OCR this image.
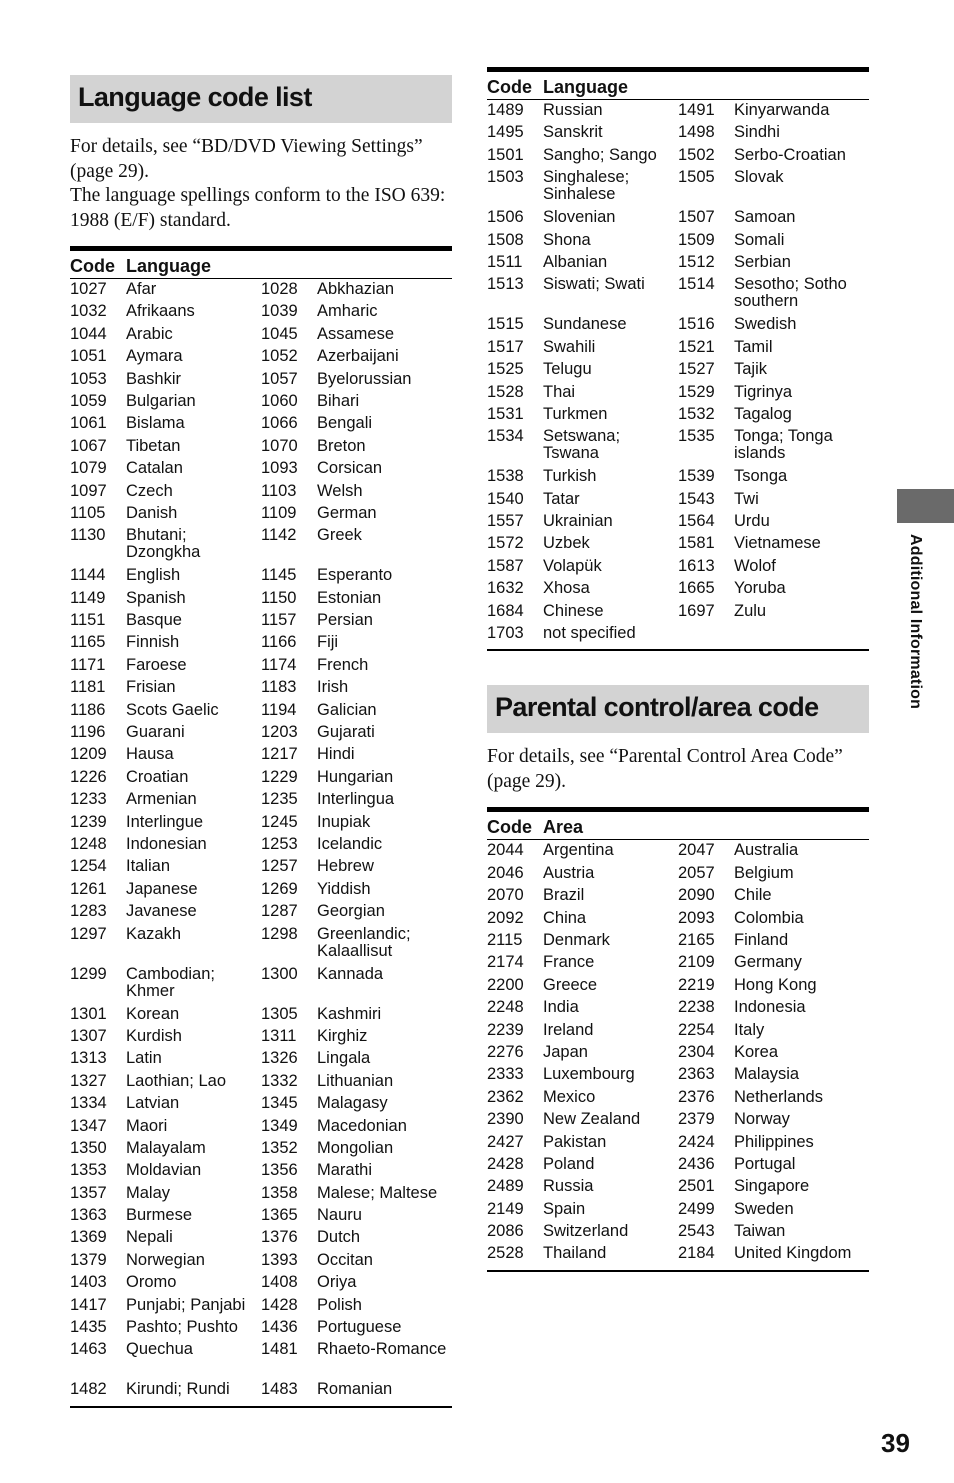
Language code list

For details, see “BD/DVD Viewing Settings” (page 29).

The language spellings conform to the ISO 639: 1988 (E/F) standard.

Code	Language		
1027	Afar	1028	Abkhazian
1032	Afrikaans	1039	Amharic
1044	Arabic	1045	Assamese
1051	Aymara	1052	Azerbaijani
1053	Bashkir	1057	Byelorussian
1059	Bulgarian	1060	Bihari
1061	Bislama	1066	Bengali
1067	Tibetan	1070	Breton
1079	Catalan	1093	Corsican
1097	Czech	1103	Welsh
1105	Danish	1109	German
1130	Bhutani; Dzongkha	1142	Greek
1144	English	1145	Esperanto
1149	Spanish	1150	Estonian
1151	Basque	1157	Persian
1165	Finnish	1166	Fiji
1171	Faroese	1174	French
1181	Frisian	1183	Irish
1186	Scots Gaelic	1194	Galician
1196	Guarani	1203	Gujarati
1209	Hausa	1217	Hindi
1226	Croatian	1229	Hungarian
1233	Armenian	1235	Interlingua
1239	Interlingue	1245	Inupiak
1248	Indonesian	1253	Icelandic
1254	Italian	1257	Hebrew
1261	Japanese	1269	Yiddish
1283	Javanese	1287	Georgian
1297	Kazakh	1298	Greenlandic; Kalaallisut
1299	Cambodian; Khmer	1300	Kannada
1301	Korean	1305	Kashmiri
1307	Kurdish	1311	Kirghiz
1313	Latin	1326	Lingala
1327	Laothian; Lao	1332	Lithuanian
1334	Latvian	1345	Malagasy
1347	Maori	1349	Macedonian
1350	Malayalam	1352	Mongolian
1353	Moldavian	1356	Marathi
1357	Malay	1358	Malese; Maltese
1363	Burmese	1365	Nauru
1369	Nepali	1376	Dutch
1379	Norwegian	1393	Occitan
1403	Oromo	1408	Oriya
1417	Punjabi; Panjabi	1428	Polish
1435	Pashto; Pushto	1436	Portuguese
1463	Quechua	1481	Rhaeto-Romance
1482	Kirundi; Rundi	1483	Romanian
Code	Language		
1489	Russian	1491	Kinyarwanda
1495	Sanskrit	1498	Sindhi
1501	Sangho; Sango	1502	Serbo-Croatian
1503	Singhalese; Sinhalese	1505	Slovak
1506	Slovenian	1507	Samoan
1508	Shona	1509	Somali
1511	Albanian	1512	Serbian
1513	Siswati; Swati	1514	Sesotho; Sotho southern
1515	Sundanese	1516	Swedish
1517	Swahili	1521	Tamil
1525	Telugu	1527	Tajik
1528	Thai	1529	Tigrinya
1531	Turkmen	1532	Tagalog
1534	Setswana; Tswana	1535	Tonga; Tonga islands
1538	Turkish	1539	Tsonga
1540	Tatar	1543	Twi
1557	Ukrainian	1564	Urdu
1572	Uzbek	1581	Vietnamese
1587	Volapük	1613	Wolof
1632	Xhosa	1665	Yoruba
1684	Chinese	1697	Zulu
1703	not specified		
Parental control/area code
For details, see “Parental Control Area Code” (page 29).
Code	Area		
2044	Argentina	2047	Australia
2046	Austria	2057	Belgium
2070	Brazil	2090	Chile
2092	China	2093	Colombia
2115	Denmark	2165	Finland
2174	France	2109	Germany
2200	Greece	2219	Hong Kong
2248	India	2238	Indonesia
2239	Ireland	2254	Italy
2276	Japan	2304	Korea
2333	Luxembourg	2363	Malaysia
2362	Mexico	2376	Netherlands
2390	New Zealand	2379	Norway
2427	Pakistan	2424	Philippines
2428	Poland	2436	Portugal
2489	Russia	2501	Singapore
2149	Spain	2499	Sweden
2086	Switzerland	2543	Taiwan
2528	Thailand	2184	United Kingdom
Additional Information
39
